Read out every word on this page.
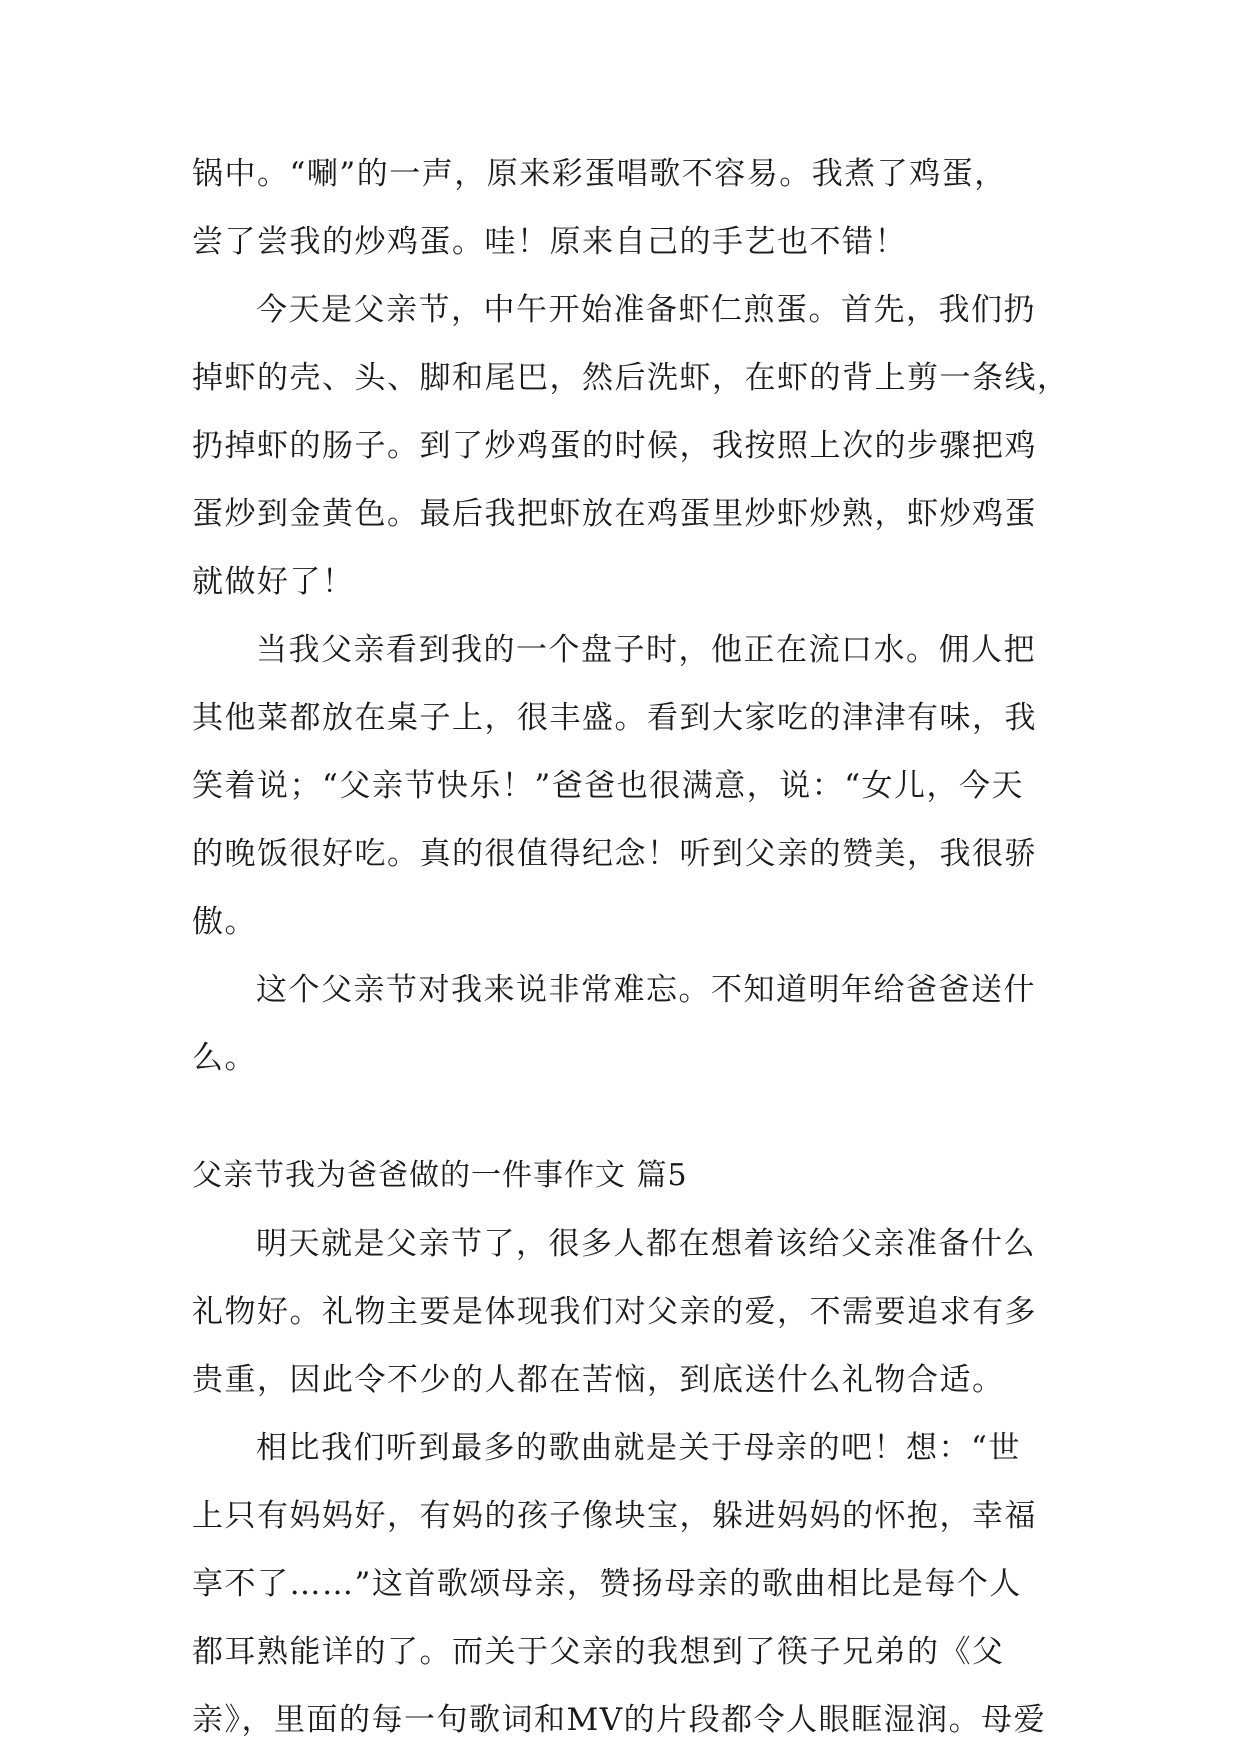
锅中。“唰”的一声，原来彩蛋唱歌不容易。我煮了鸡蛋，
尝了尝我的炒鸡蛋。哇！原来自己的手艺也不错！
今天是父亲节，中午开始准备虾仁煎蛋。首先，我们扔
掉虾的壳、头、脚和尾巴，然后洗虾，在虾的背上剪一条线，
扔掉虾的肠子。到了炒鸡蛋的时候，我按照上次的步骤把鸡
蛋炒到金黄色。最后我把虾放在鸡蛋里炒虾炒熟，虾炒鸡蛋
就做好了！
当我父亲看到我的一个盘子时，他正在流口水。佣人把
其他菜都放在桌子上，很丰盛。看到大家吃的津津有味，我
笑着说；“父亲节快乐！”爸爸也很满意，说：“女儿，今天
的晚饭很好吃。真的很值得纪念！听到父亲的赞美，我很骄
傲。
这个父亲节对我来说非常难忘。不知道明年给爸爸送什
么。
父亲节我为爸爸做的一件事作文 篇5
明天就是父亲节了，很多人都在想着该给父亲准备什么
礼物好。礼物主要是体现我们对父亲的爱，不需要追求有多
贵重，因此令不少的人都在苦恼，到底送什么礼物合适。
相比我们听到最多的歌曲就是关于母亲的吧！想：“世
上只有妈妈好，有妈的孩子像块宝，躲进妈妈的怀抱，幸福
享不了……”这首歌颂母亲，赞扬母亲的歌曲相比是每个人
都耳熟能详的了。而关于父亲的我想到了筷子兄弟的《父
亲》，里面的每一句歌词和MV的片段都令人眼眶湿润。母爱
